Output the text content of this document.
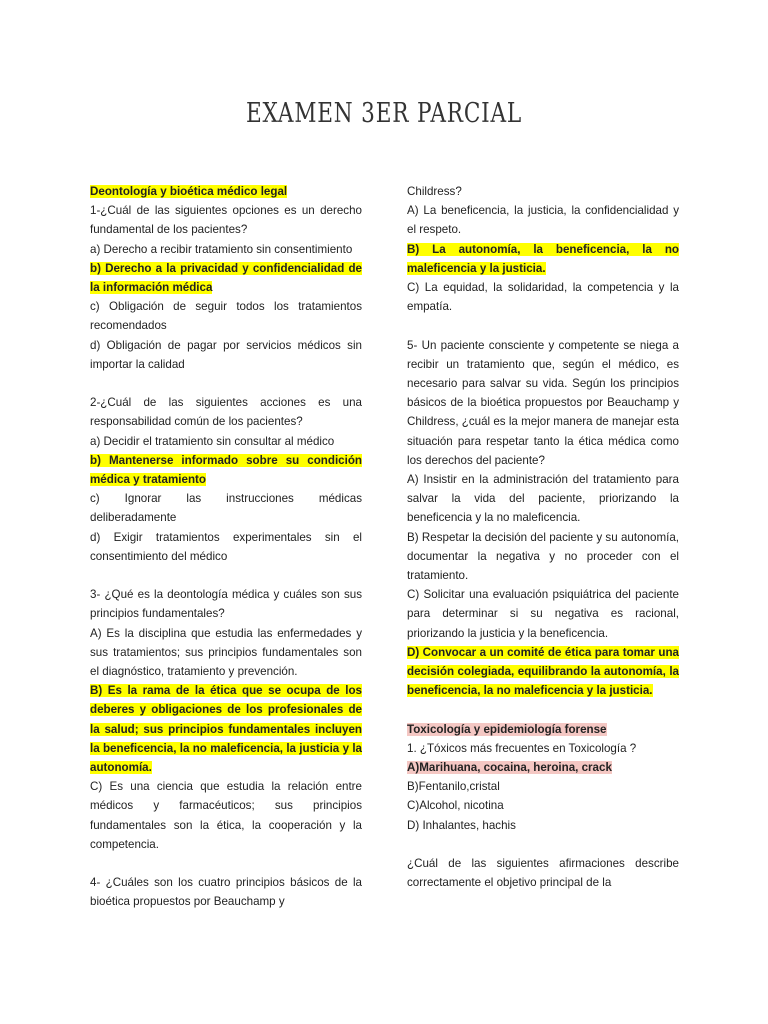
EXAMEN 3ER PARCIAL

Deontología y bioética médico legal

1-¿Cuál de las siguientes opciones es un derecho fundamental de los pacientes?

a) Derecho a recibir tratamiento sin consentimiento

b) Derecho a la privacidad y confidencialidad de la información médica

c) Obligación de seguir todos los tratamientos recomendados

d) Obligación de pagar por servicios médicos sin importar la calidad

2-¿Cuál de las siguientes acciones es una responsabilidad común de los pacientes?

a) Decidir el tratamiento sin consultar al médico

b) Mantenerse informado sobre su condición médica y tratamiento

c) Ignorar las instrucciones médicas deliberadamente

d) Exigir tratamientos experimentales sin el consentimiento del médico

3- ¿Qué es la deontología médica y cuáles son sus principios fundamentales?

A) Es la disciplina que estudia las enfermedades y sus tratamientos; sus principios fundamentales son el diagnóstico, tratamiento y prevención.

B) Es la rama de la ética que se ocupa de los deberes y obligaciones de los profesionales de la salud; sus principios fundamentales incluyen la beneficencia, la no maleficencia, la justicia y la autonomía.

C) Es una ciencia que estudia la relación entre médicos y farmacéuticos; sus principios fundamentales son la ética, la cooperación y la competencia.

4- ¿Cuáles son los cuatro principios básicos de la bioética propuestos por Beauchamp y

Childress?

A) La beneficencia, la justicia, la confidencialidad y el respeto.

B) La autonomía, la beneficencia, la no maleficencia y la justicia.

C) La equidad, la solidaridad, la competencia y la empatía.

5- Un paciente consciente y competente se niega a recibir un tratamiento que, según el médico, es necesario para salvar su vida. Según los principios básicos de la bioética propuestos por Beauchamp y Childress, ¿cuál es la mejor manera de manejar esta situación para respetar tanto la ética médica como los derechos del paciente?

A) Insistir en la administración del tratamiento para salvar la vida del paciente, priorizando la beneficencia y la no maleficencia.

B) Respetar la decisión del paciente y su autonomía, documentar la negativa y no proceder con el tratamiento.

C) Solicitar una evaluación psiquiátrica del paciente para determinar si su negativa es racional, priorizando la justicia y la beneficencia.

D) Convocar a un comité de ética para tomar una decisión colegiada, equilibrando la autonomía, la beneficencia, la no maleficencia y la justicia.

Toxicología y epidemiología forense

1. ¿Tóxicos más frecuentes en Toxicología ?

A)Marihuana, cocaina, heroina, crack

B)Fentanilo,cristal

C)Alcohol, nicotina

D) Inhalantes, hachis

¿Cuál de las siguientes afirmaciones describe correctamente el objetivo principal de la
